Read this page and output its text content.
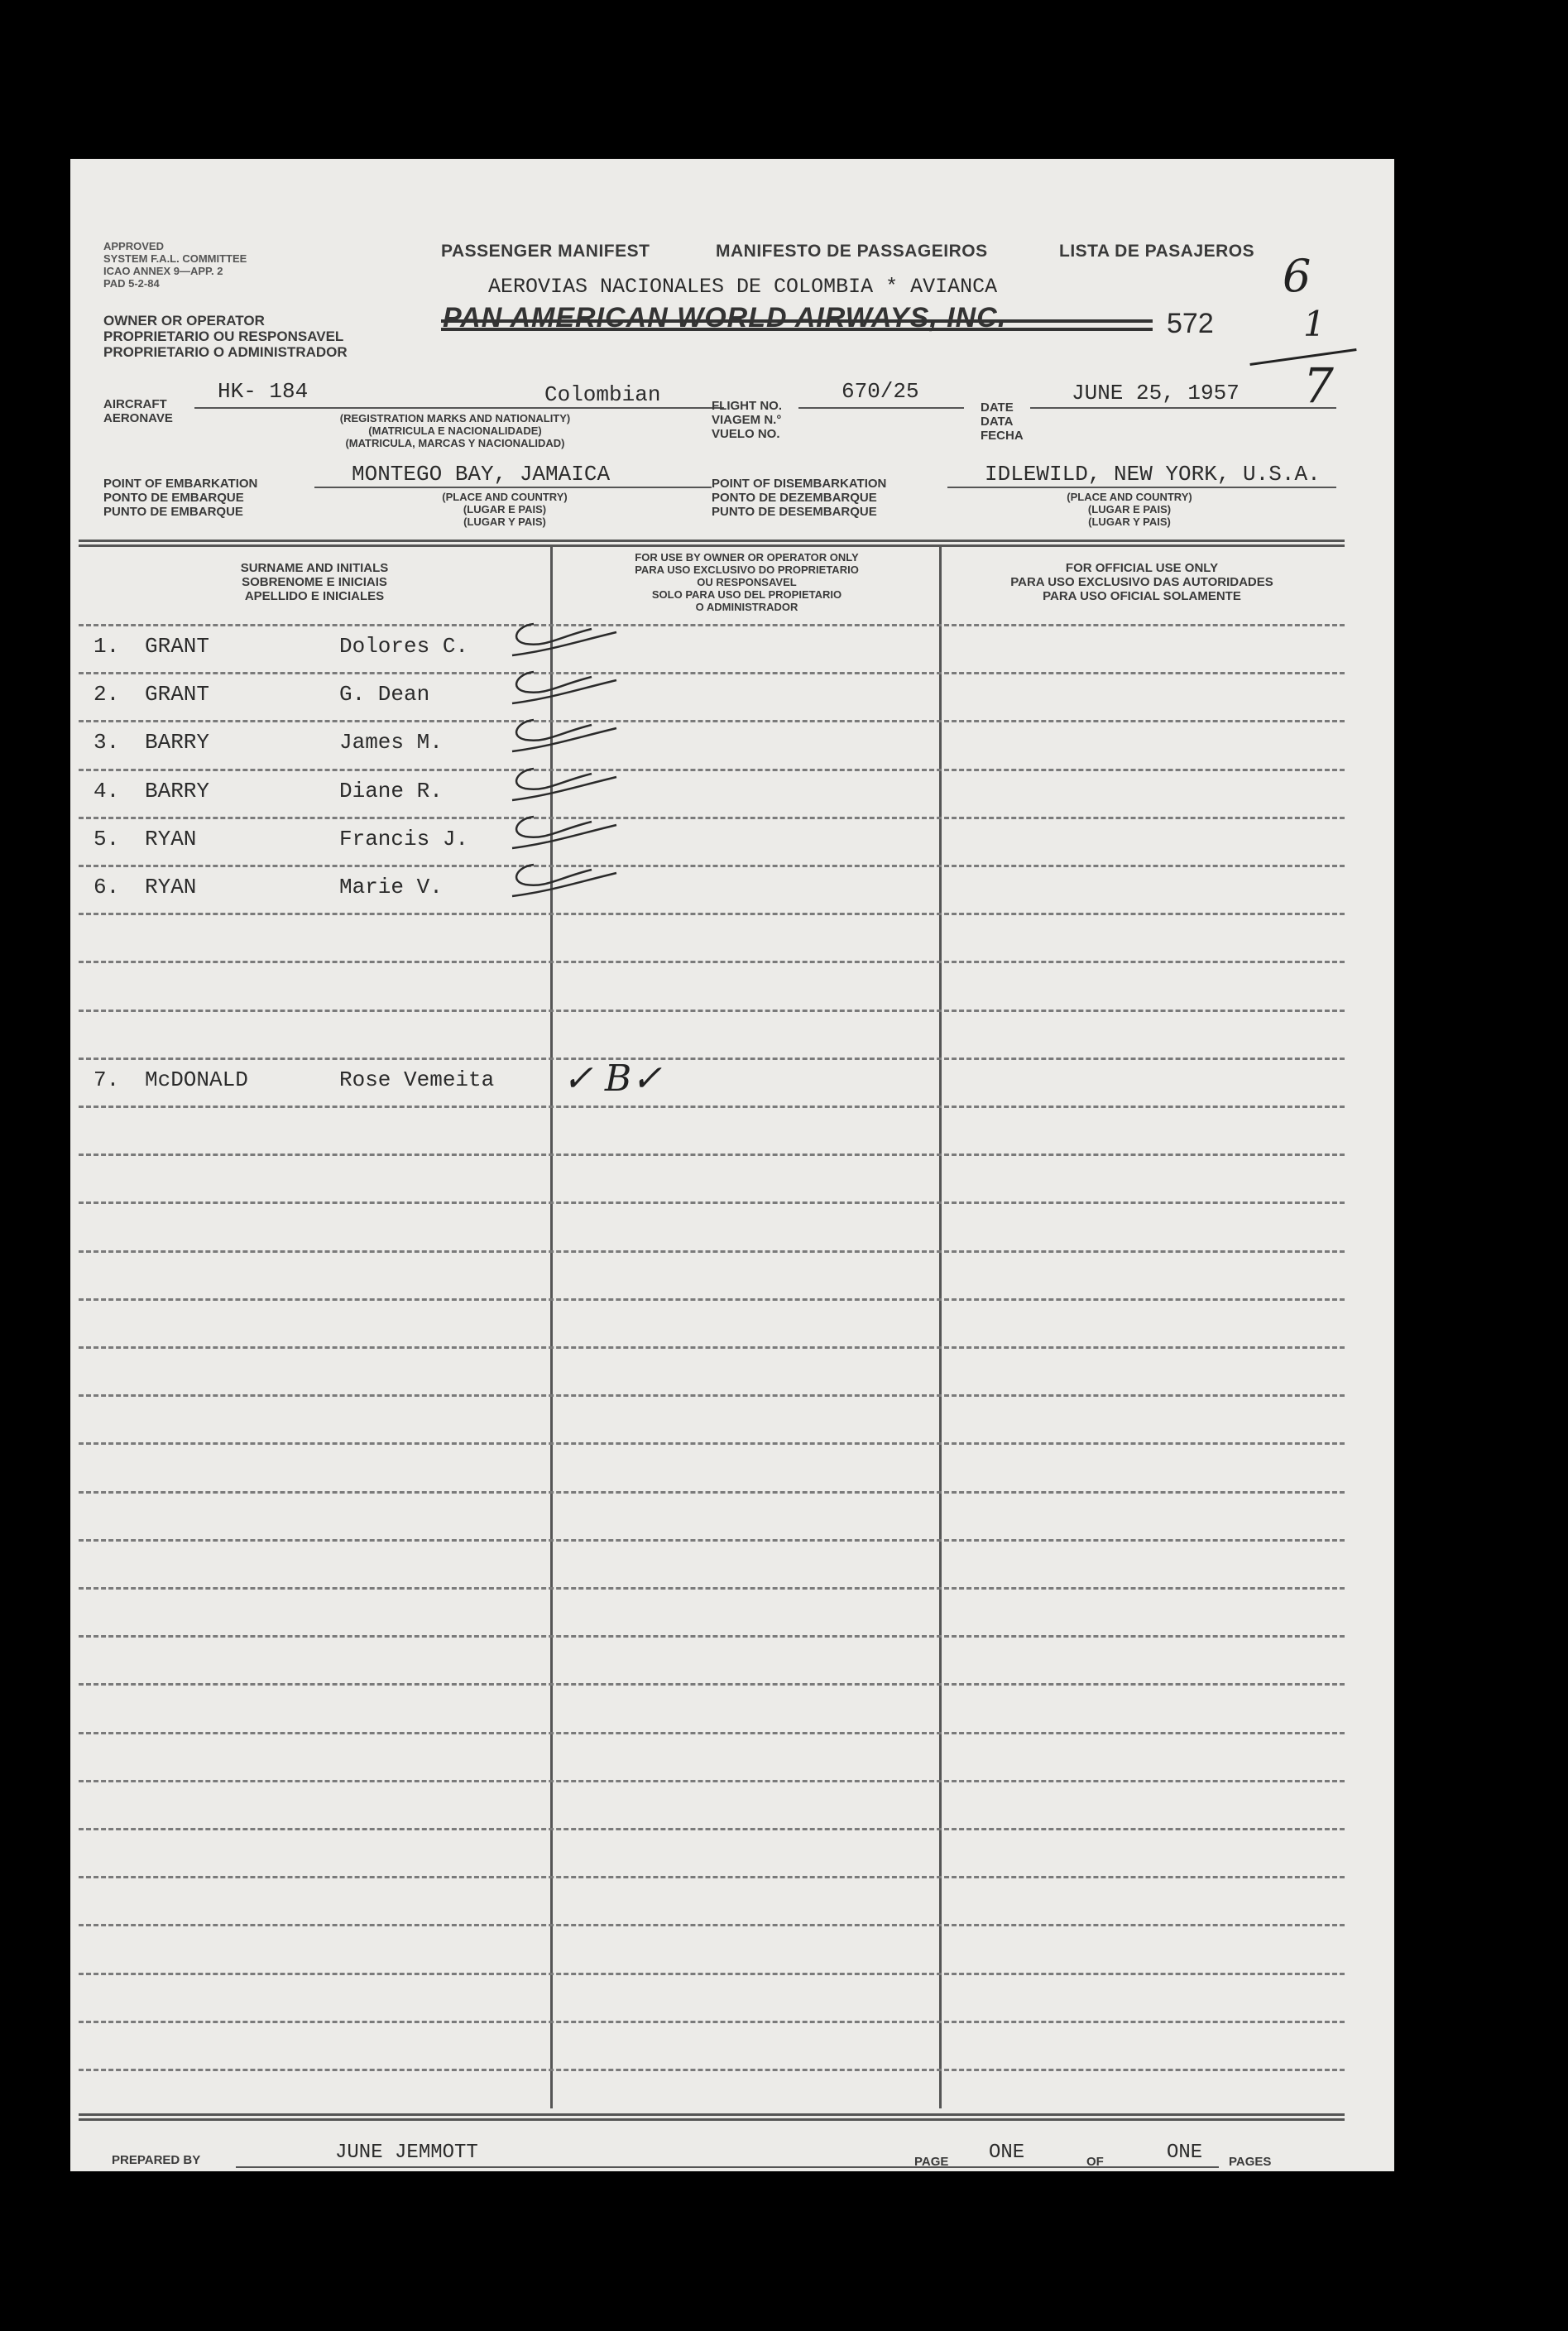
APPROVED
SYSTEM F.A.L. COMMITTEE
ICAO ANNEX 9—APP. 2
PAD 5-2-84
OWNER OR OPERATOR
PROPRIETARIO OU RESPONSAVEL
PROPRIETARIO O ADMINISTRADOR
PASSENGER MANIFEST	MANIFESTO DE PASSAGEIROS	LISTA DE PASAJEROS
AEROVIAS NACIONALES DE COLOMBIA * AVIANCA
PAN AMERICAN WORLD AIRWAYS, INC.	572
6
1
7
AIRCRAFT
AERONAVE
HK- 184	Colombian
(REGISTRATION MARKS AND NATIONALITY)
(MATRICULA E NACIONALIDADE)
(MATRICULA, MARCAS Y NACIONALIDAD)
FLIGHT NO.
VIAGEM N.°
VUELO NO.
670/25
DATE
DATA
FECHA
JUNE 25, 1957
POINT OF EMBARKATION
PONTO DE EMBARQUE
PUNTO DE EMBARQUE
MONTEGO BAY, JAMAICA
(PLACE AND COUNTRY)
(LUGAR E PAIS)
(LUGAR Y PAIS)
POINT OF DISEMBARKATION
PONTO DE DEZEMBARQUE
PUNTO DE DESEMBARQUE
IDLEWILD, NEW YORK, U.S.A.
(PLACE AND COUNTRY)
(LUGAR E PAIS)
(LUGAR Y PAIS)
SURNAME AND INITIALS
SOBRENOME E INICIAIS
APELLIDO E INICIALES
FOR USE BY OWNER OR OPERATOR ONLY
PARA USO EXCLUSIVO DO PROPRIETARIO
OU RESPONSAVEL
SOLO PARA USO DEL PROPIETARIO
O ADMINISTRADOR
FOR OFFICIAL USE ONLY
PARA USO EXCLUSIVO DAS AUTORIDADES
PARA USO OFICIAL SOLAMENTE
1. GRANT	Dolores C.
2. GRANT	G. Dean
3. BARRY	James M.
4. BARRY	Diane R.
5. RYAN	Francis J.
6. RYAN	Marie V.
7. McDONALD	Rose Vemeita ✓ B✓
PREPARED BY	JUNE JEMMOTT	PAGE ONE	OF	ONE PAGES
